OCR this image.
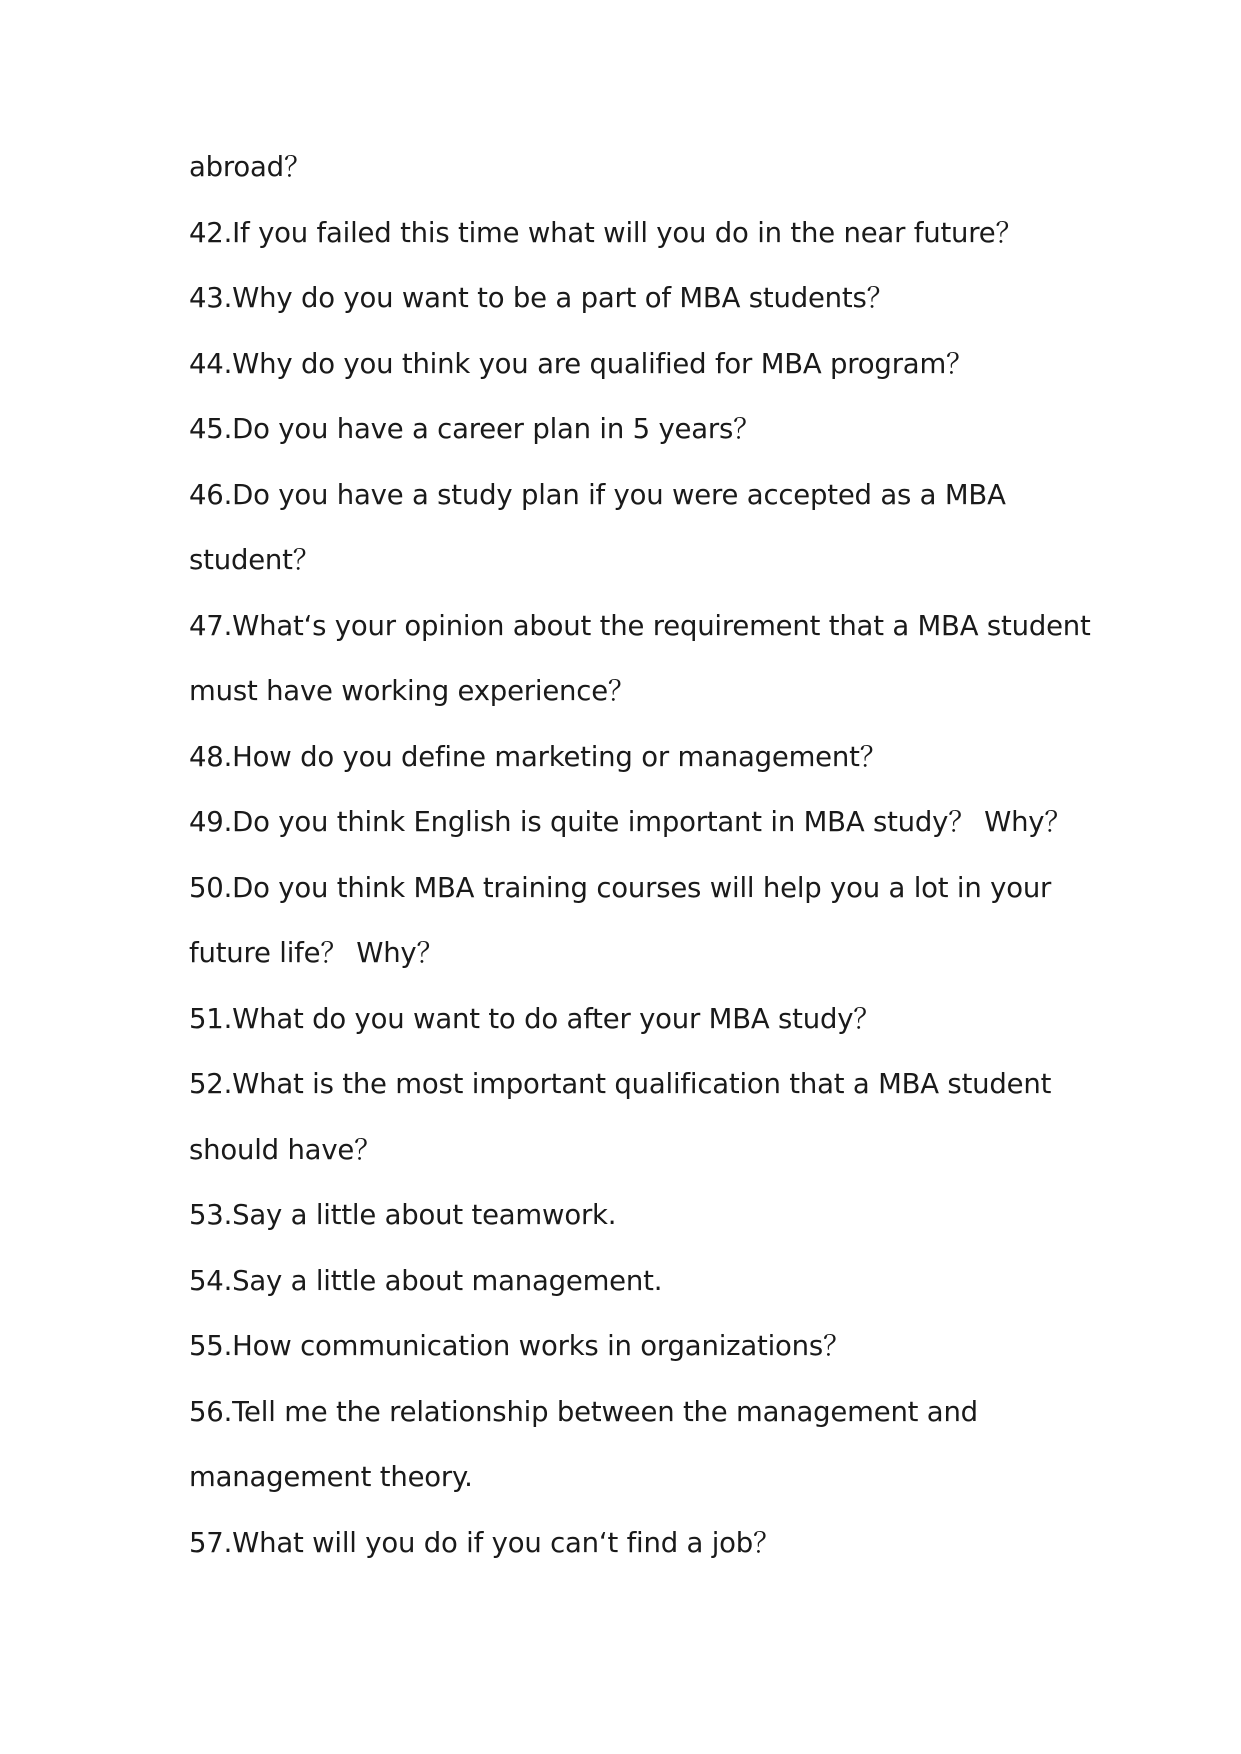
abroad？
42.If you failed this time what will you do in the near future？
43.Why do you want to be a part of MBA students？
44.Why do you think you are qualified for MBA program？
45.Do you have a career plan in 5 years？
46.Do you have a study plan if you were accepted as a MBA
student？
47.What‘s your opinion about the requirement that a MBA student
must have working experience？
48.How do you define marketing or management？
49.Do you think English is quite important in MBA study？ Why？
50.Do you think MBA training courses will help you a lot in your
future life？ Why？
51.What do you want to do after your MBA study？
52.What is the most important qualification that a MBA student
should have？
53.Say a little about teamwork.
54.Say a little about management.
55.How communication works in organizations？
56.Tell me the relationship between the management and
management theory.
57.What will you do if you can‘t find a job？
